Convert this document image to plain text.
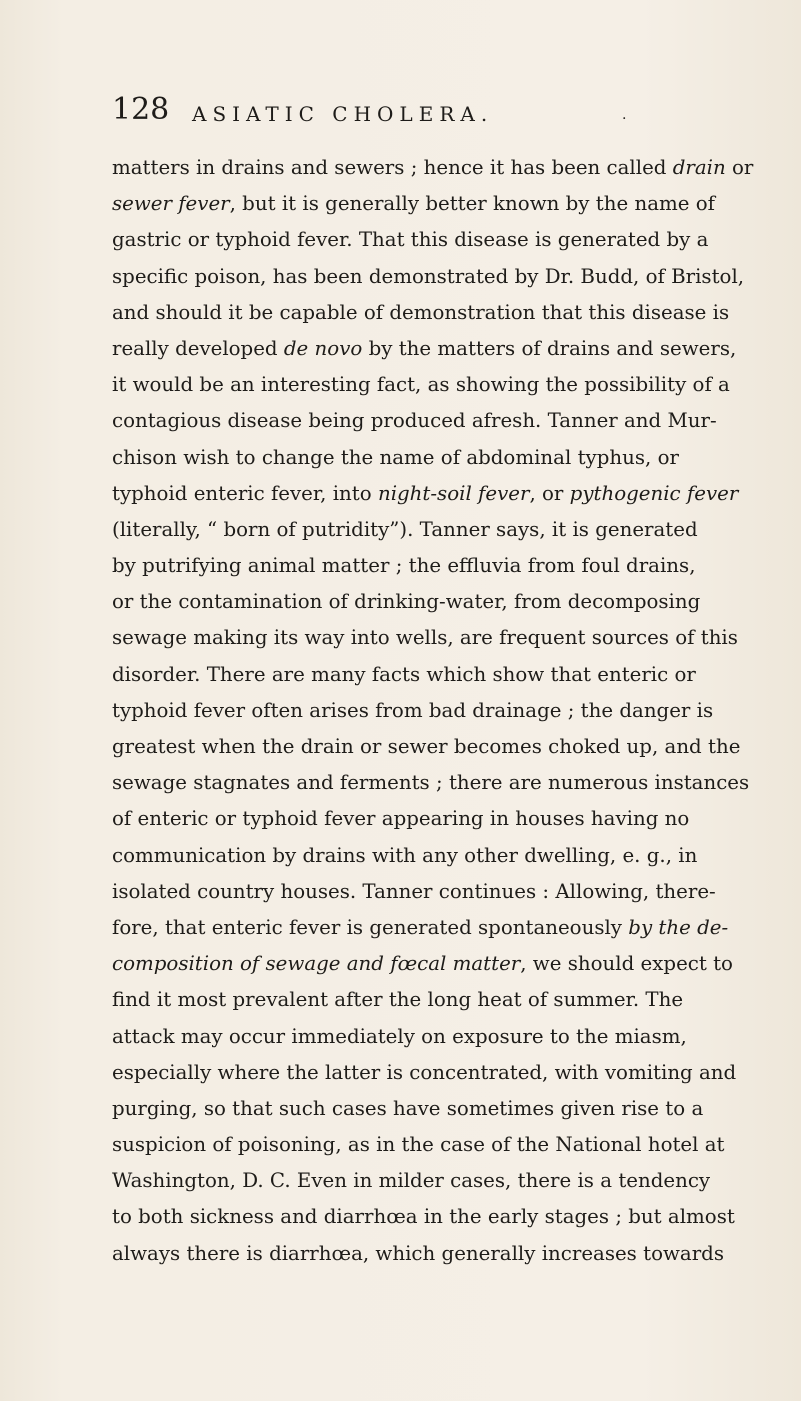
128 ASIATIC CHOLERA.	.
matters in drains and sewers ; hence it has been called drain or
sewer fever, but it is generally better known by the name of
gastric or typhoid fever. That this disease is generated by a
specific poison, has been demonstrated by Dr. Budd, of Bristol,
and should it be capable of demonstration that this disease is
really developed de novo by the matters of drains and sewers,
it would be an interesting fact, as showing the possibility of a
contagious disease being produced afresh. Tanner and Mur-
chison wish to change the name of abdominal typhus, or
typhoid enteric fever, into night-soil fever, or pythogenic fever
(literally, “ born of putridity”). Tanner says, it is generated
by putrifying animal matter ; the effluvia from foul drains,
or the contamination of drinking-water, from decomposing
sewage making its way into wells, are frequent sources of this
disorder. There are many facts which show that enteric or
typhoid fever often arises from bad drainage ; the danger is
greatest when the drain or sewer becomes choked up, and the
sewage stagnates and ferments ; there are numerous instances
of enteric or typhoid fever appearing in houses having no
communication by drains with any other dwelling, e. g., in
isolated country houses. Tanner continues : Allowing, there-
fore, that enteric fever is generated spontaneously by the de-
composition of sewage and fœcal matter, we should expect to
find it most prevalent after the long heat of summer. The
attack may occur immediately on exposure to the miasm,
especially where the latter is concentrated, with vomiting and
purging, so that such cases have sometimes given rise to a
suspicion of poisoning, as in the case of the National hotel at
Washington, D. C. Even in milder cases, there is a tendency
to both sickness and diarrhœa in the early stages ; but almost
always there is diarrhœa, which generally increases towards
